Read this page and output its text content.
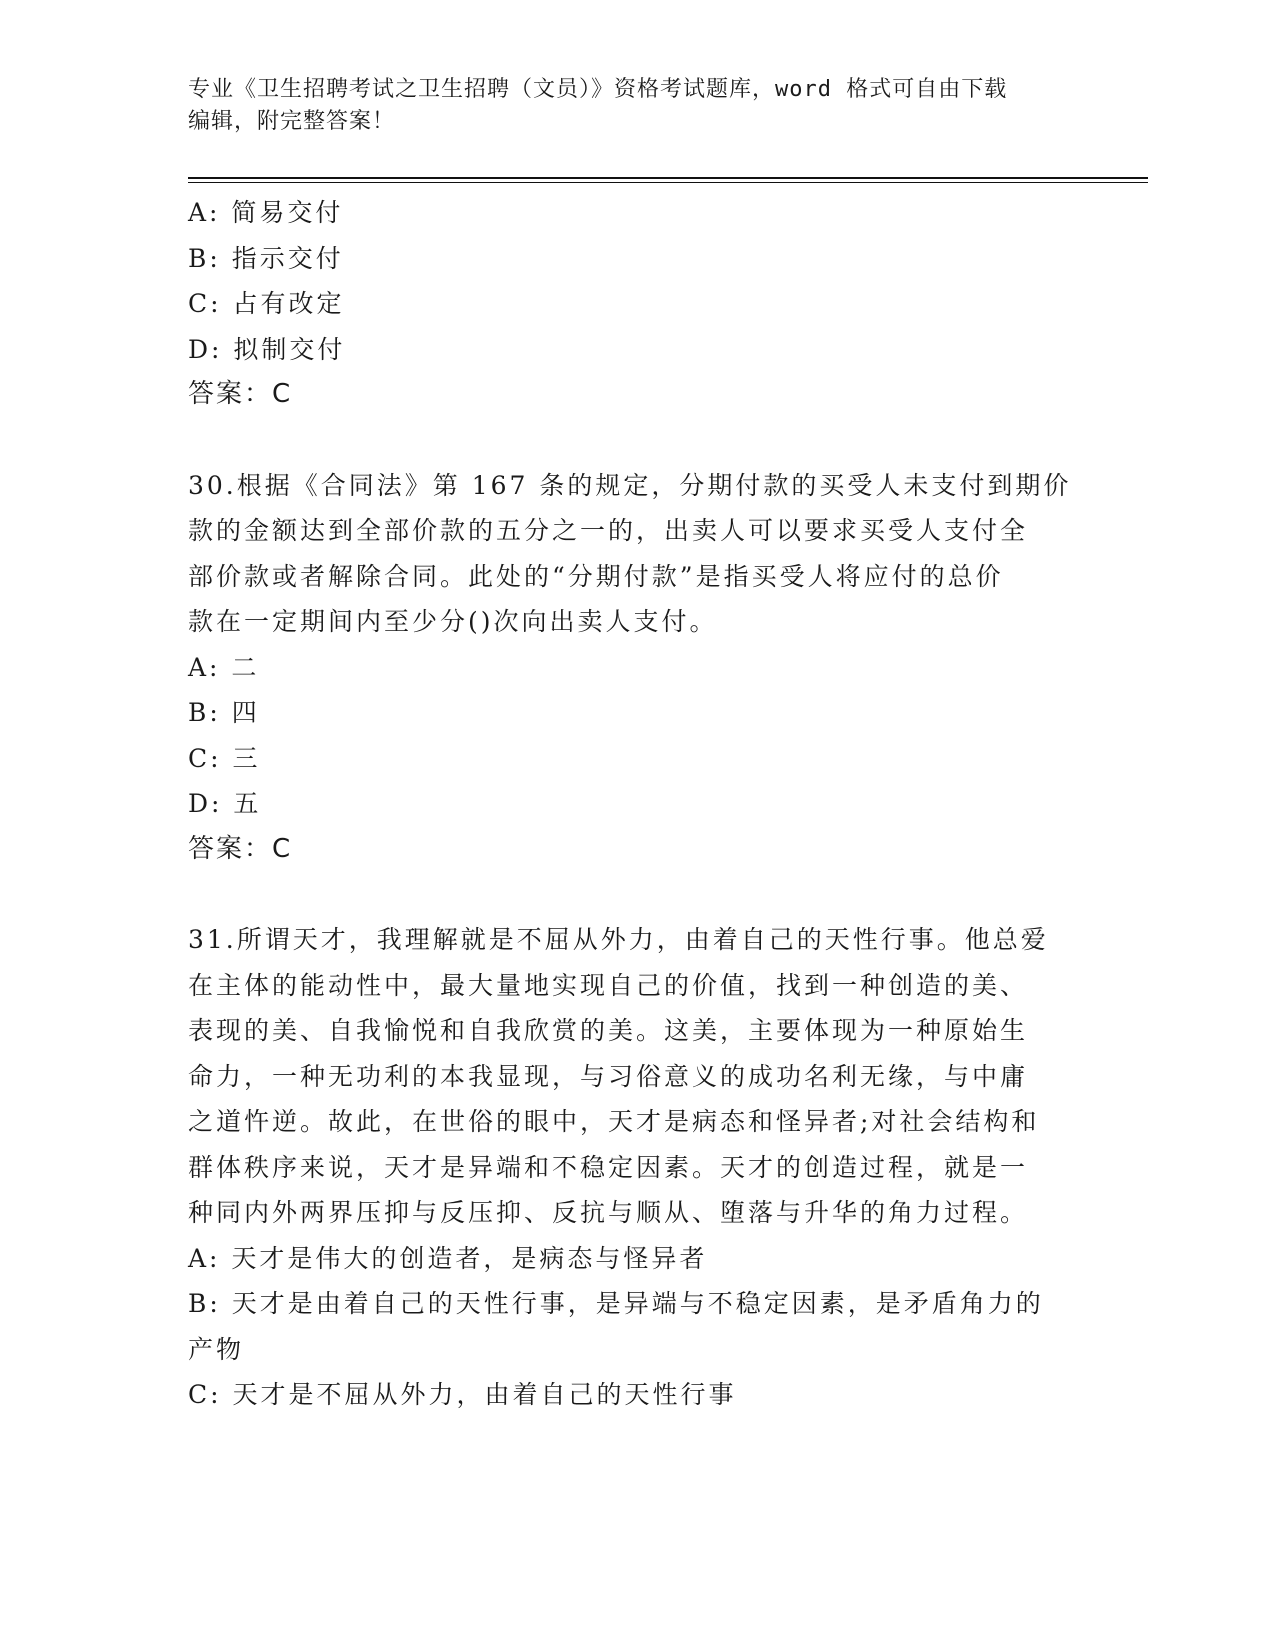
专业《卫生招聘考试之卫生招聘（文员）》资格考试题库，word 格式可自由下载
编辑，附完整答案！
A: 简易交付
B: 指示交付
C: 占有改定
D: 拟制交付
答案：C
30.根据《合同法》第 167 条的规定，分期付款的买受人未支付到期价
款的金额达到全部价款的五分之一的，出卖人可以要求买受人支付全
部价款或者解除合同。此处的“分期付款”是指买受人将应付的总价
款在一定期间内至少分()次向出卖人支付。
A: 二
B: 四
C: 三
D: 五
答案：C
31.所谓天才，我理解就是不屈从外力，由着自己的天性行事。他总爱
在主体的能动性中，最大量地实现自己的价值，找到一种创造的美、
表现的美、自我愉悦和自我欣赏的美。这美，主要体现为一种原始生
命力，一种无功利的本我显现，与习俗意义的成功名利无缘，与中庸
之道忤逆。故此，在世俗的眼中，天才是病态和怪异者;对社会结构和
群体秩序来说，天才是异端和不稳定因素。天才的创造过程，就是一
种同内外两界压抑与反压抑、反抗与顺从、堕落与升华的角力过程。
A: 天才是伟大的创造者，是病态与怪异者
B: 天才是由着自己的天性行事，是异端与不稳定因素，是矛盾角力的
产物
C: 天才是不屈从外力，由着自己的天性行事
